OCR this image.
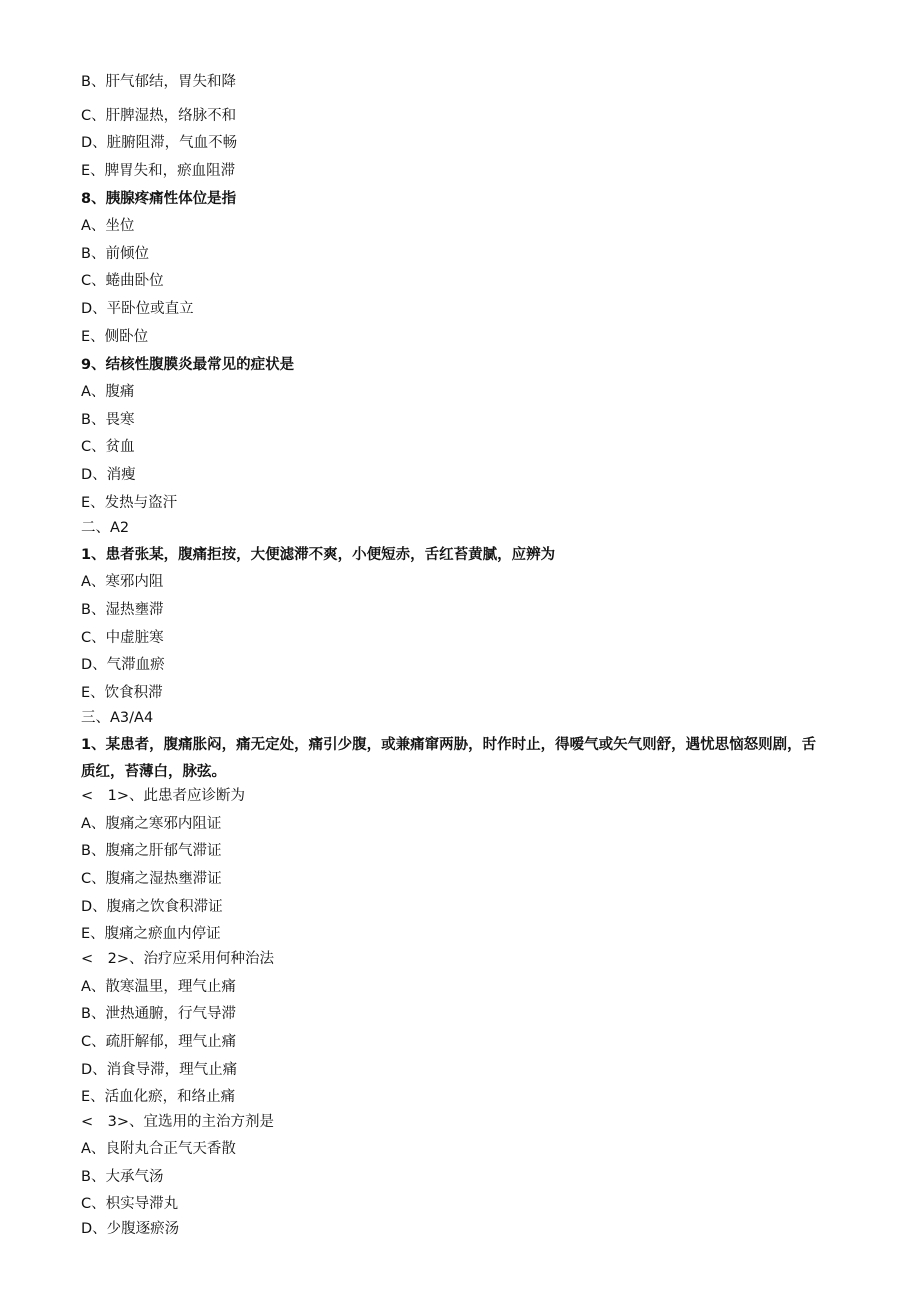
B、肝气郁结，胃失和降
C、肝脾湿热，络脉不和
D、脏腑阻滞，气血不畅
E、脾胃失和，瘀血阻滞
8、胰腺疼痛性体位是指
A、坐位
B、前倾位
C、蜷曲卧位
D、平卧位或直立
E、侧卧位
9、结核性腹膜炎最常见的症状是
A、腹痛
B、畏寒
C、贫血
D、消瘦
E、发热与盗汗
二、A2
1、患者张某，腹痛拒按，大便滤滞不爽，小便短赤，舌红苔黄腻，应辨为
A、寒邪内阻
B、湿热壅滞
C、中虚脏寒
D、气滞血瘀
E、饮食积滞
三、A3/A4
1、某患者，腹痛胀闷，痛无定处，痛引少腹，或兼痛窜两胁，时作时止，得嗳气或矢气则舒，遇忧思恼怒则剧，舌质红，苔薄白，脉弦。
<　1>、此患者应诊断为
A、腹痛之寒邪内阻证
B、腹痛之肝郁气滞证
C、腹痛之湿热壅滞证
D、腹痛之饮食积滞证
E、腹痛之瘀血内停证
<　2>、治疗应采用何种治法
A、散寒温里，理气止痛
B、泄热通腑，行气导滞
C、疏肝解郁，理气止痛
D、消食导滞，理气止痛
E、活血化瘀，和络止痛
<　3>、宜选用的主治方剂是
A、良附丸合正气天香散
B、大承气汤
C、枳实导滞丸
D、少腹逐瘀汤
